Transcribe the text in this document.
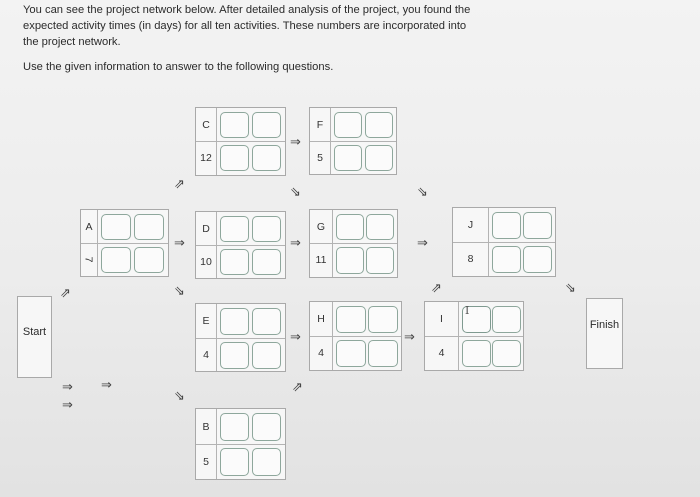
You can see the project network below. After detailed analysis of the project, you found the expected activity times (in days) for all ten activities. These numbers are incorporated into the project network.
Use the given information to answer to the following questions.
Start
Finish
A
7
C
12
D
10
E
4
B
5
F
5
G
11
H
4
J
8
I
4
I
⇗
⇒ ⇒
⇒
⇗
⇒
⇘
⇘
⇒
⇘
⇒
⇒
⇗
⇘
⇒
⇒
⇗	⇘
